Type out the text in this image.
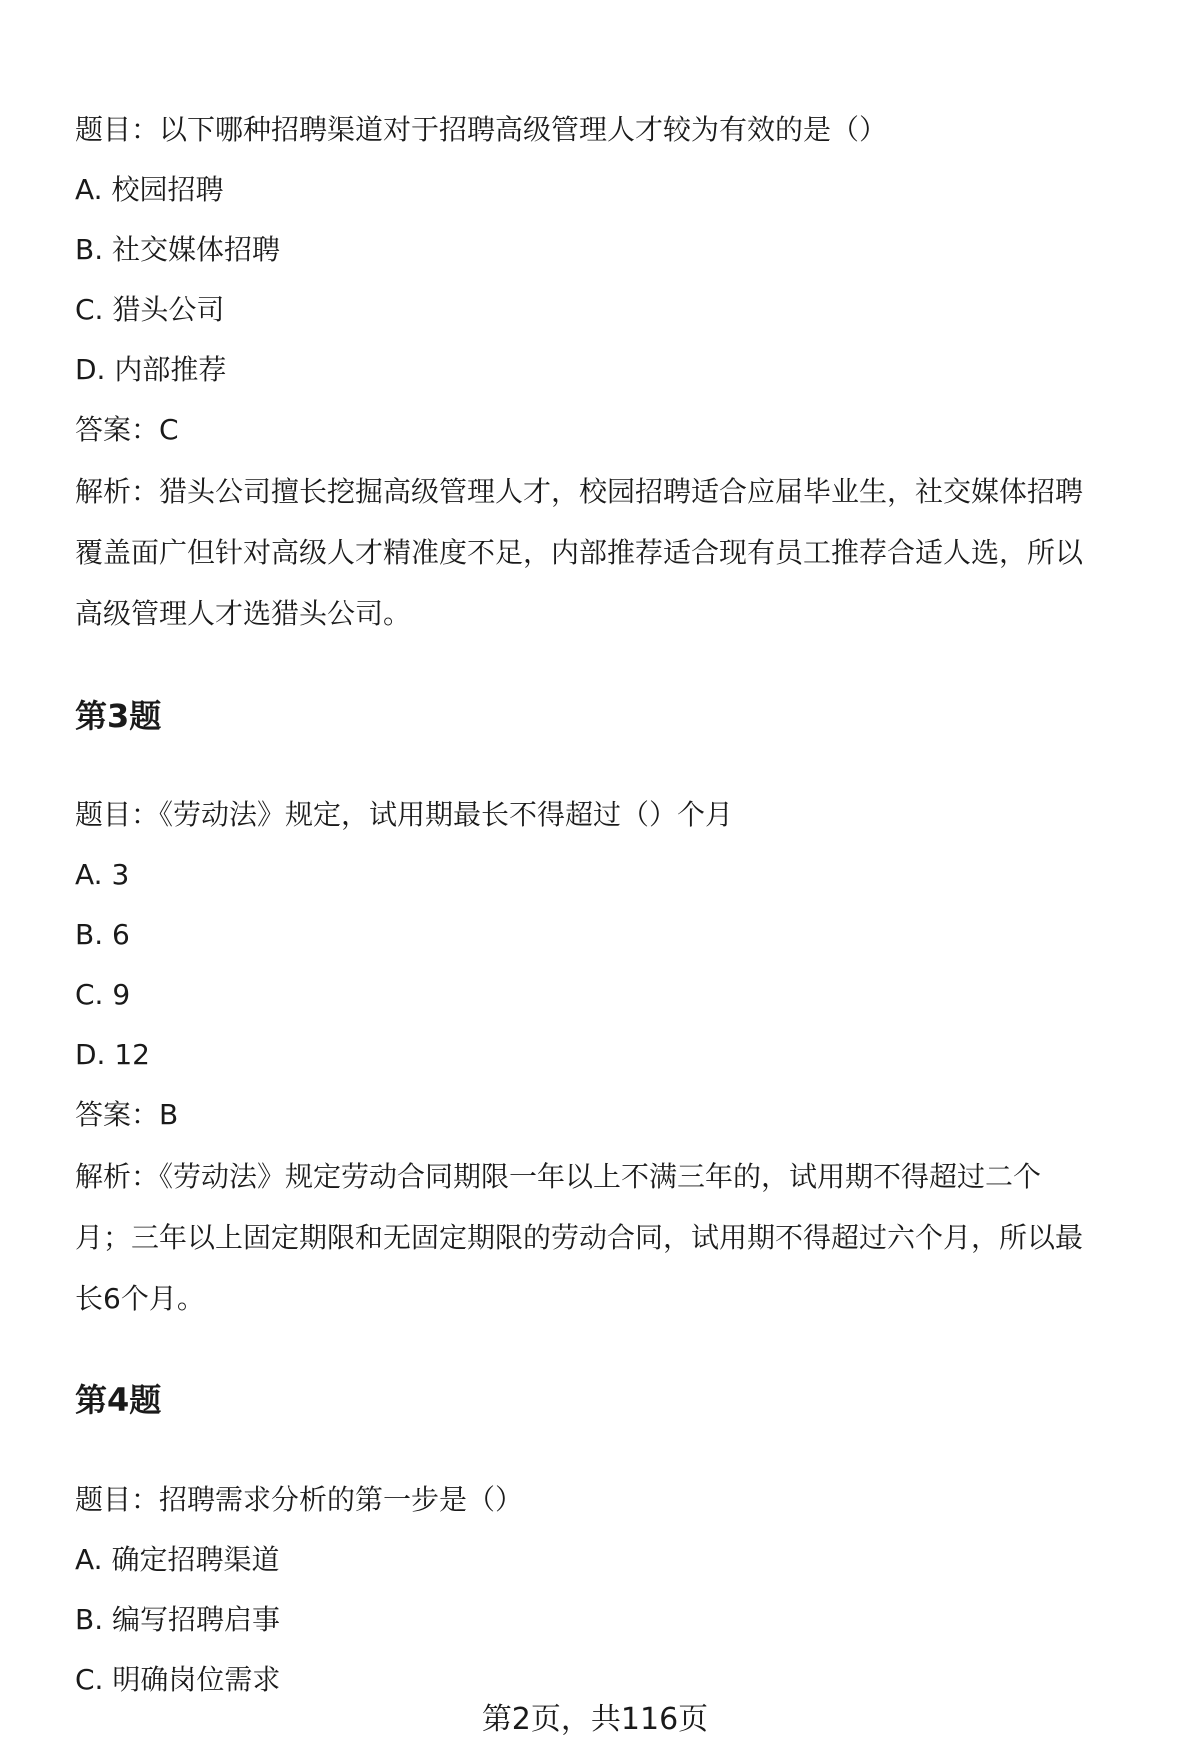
题目：以下哪种招聘渠道对于招聘高级管理人才较为有效的是（）
A. 校园招聘
B. 社交媒体招聘
C. 猎头公司
D. 内部推荐
答案：C
解析：猎头公司擅长挖掘高级管理人才，校园招聘适合应届毕业生，社交媒体招聘
覆盖面广但针对高级人才精准度不足，内部推荐适合现有员工推荐合适人选，所以
高级管理人才选猎头公司。
第3题
题目：《劳动法》规定，试用期最长不得超过（）个月
A. 3
B. 6
C. 9
D. 12
答案：B
解析：《劳动法》规定劳动合同期限一年以上不满三年的，试用期不得超过二个
月；三年以上固定期限和无固定期限的劳动合同，试用期不得超过六个月，所以最
长6个月。
第4题
题目：招聘需求分析的第一步是（）
A. 确定招聘渠道
B. 编写招聘启事
C. 明确岗位需求
第2页，共116页
